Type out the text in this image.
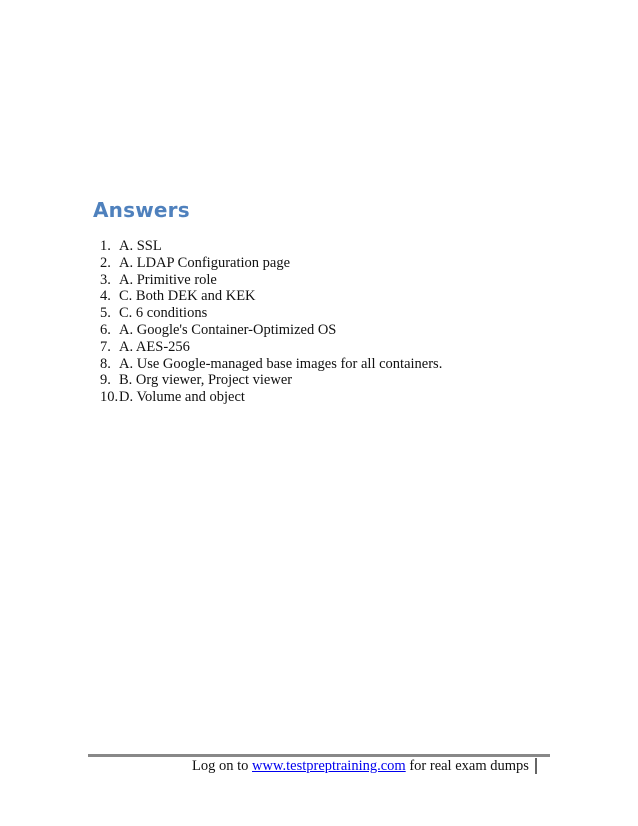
Answers
1. A. SSL
2. A. LDAP Configuration page
3. A. Primitive role
4. C. Both DEK and KEK
5. C. 6 conditions
6. A. Google's Container-Optimized OS
7. A. AES-256
8. A. Use Google-managed base images for all containers.
9. B. Org viewer, Project viewer
10. D. Volume and object
Log on to www.testpreptraining.com for real exam dumps
